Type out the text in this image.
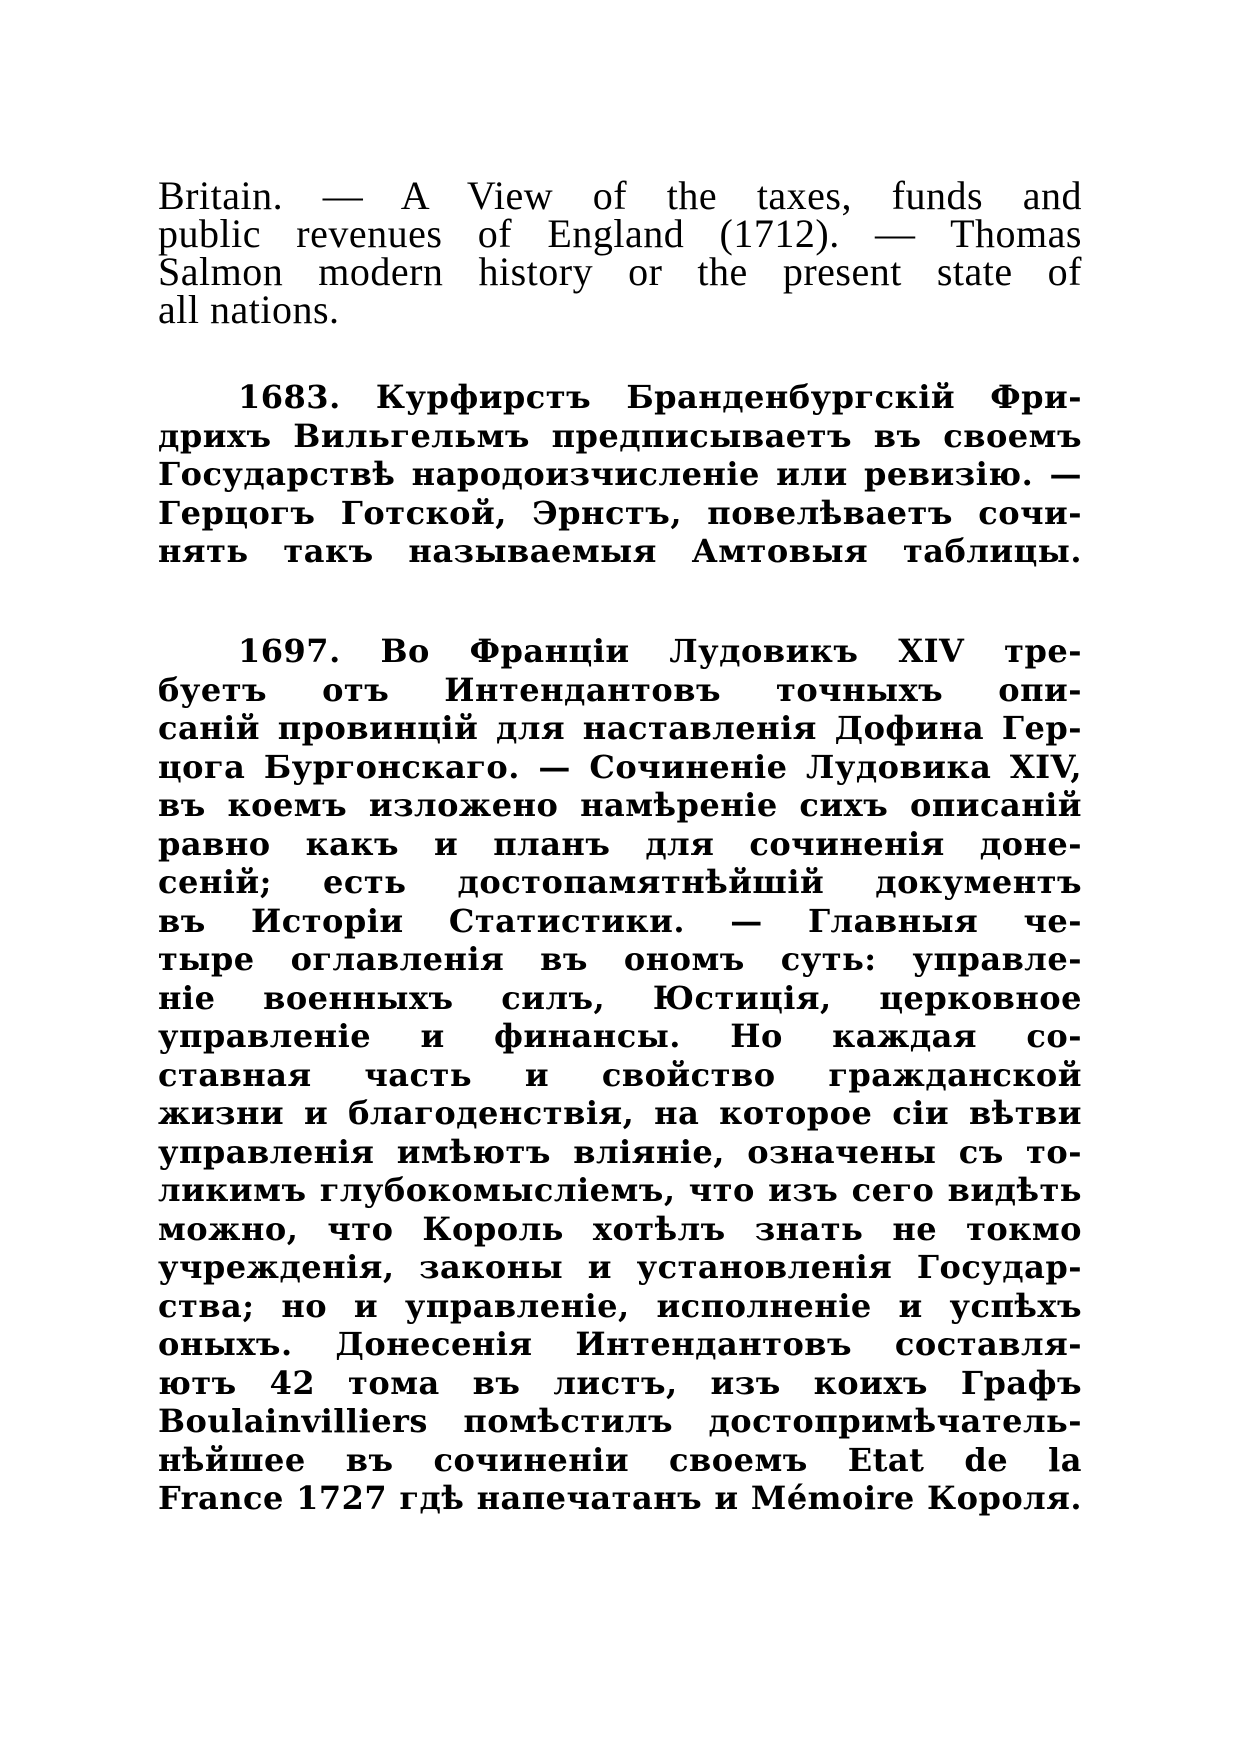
Britain. — A View of the taxes, funds and
public revenues of England (1712). — Thomas
Salmon modern history or the present state of
all nations.
1683. Курфирстъ Бранденбургскій Фри-
дрихъ Вильгельмъ предписываетъ въ своемъ
Государствѣ народоизчисленіе или ревизію. —
Герцогъ Готской, Эрнстъ, повелѣваетъ сочи-
нять такъ называемыя Амтовыя таблицы.
1697. Во Франціи Лудовикъ XIV тре-
буетъ отъ Интендантовъ точныхъ опи-
саній провинцій для наставленія Дофина Гер-
цога Бургонскаго. — Сочиненіе Лудовика XIV,
въ коемъ изложено намѣреніе сихъ описаній
равно какъ и планъ для сочиненія доне-
сеній; есть достопамятнѣйшій документъ
въ Исторіи Статистики. — Главныя че-
тыре оглавленія въ ономъ суть: управле-
ніе военныхъ силъ, Юстиція, церковное
управленіе и финансы. Но каждая со-
ставная часть и свойство гражданской
жизни и благоденствія, на которое сіи вѣтви
управленія имѣютъ вліяніе, означены съ то-
ликимъ глубокомысліемъ, что изъ сего видѣть
можно, что Король хотѣлъ знать не токмо
учрежденія, законы и установленія Государ-
ства; но и управленіе, исполненіе и успѣхъ
оныхъ. Донесенія Интендантовъ составля-
ютъ 42 тома въ листъ, изъ коихъ Графъ
Boulainvilliers помѣстилъ достопримѣчатель-
нѣйшее въ сочиненіи своемъ Etat de la
France 1727 гдѣ напечатанъ и Mémoire Короля.
